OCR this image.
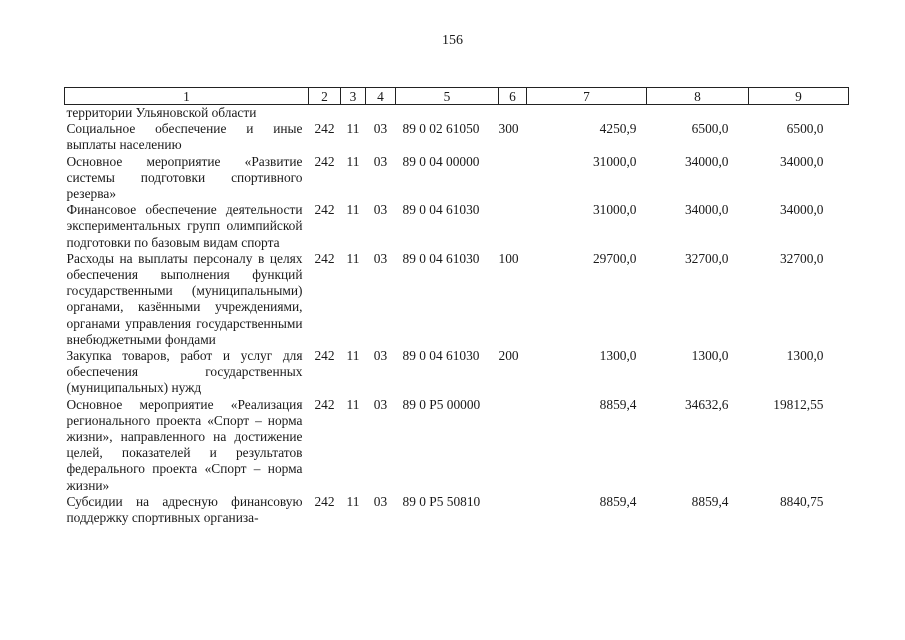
156
1	2	3	4	5	6	7	8	9
территории Ульяновской области								
Социальное обеспечение и иные выплаты населению	242	11	03	89 0 02 61050	300	4250,9	6500,0	6500,0
Основное мероприятие «Развитие системы подготовки спортивного резерва»	242	11	03	89 0 04 00000		31000,0	34000,0	34000,0
Финансовое обеспечение деятельности экспериментальных групп олимпийской подготовки по базовым видам спорта	242	11	03	89 0 04 61030		31000,0	34000,0	34000,0
Расходы на выплаты персоналу в целях обеспечения выполнения функций государственными (муниципальными) органами, казёнными учреждениями, органами управления государственными внебюджетными фондами	242	11	03	89 0 04 61030	100	29700,0	32700,0	32700,0
Закупка товаров, работ и услуг для обеспечения государственных (муниципальных) нужд	242	11	03	89 0 04 61030	200	1300,0	1300,0	1300,0
Основное мероприятие «Реализация регионального проекта «Спорт – норма жизни», направленного на достижение целей, показателей и результатов федерального проекта «Спорт – норма жизни»	242	11	03	89 0 P5 00000		8859,4	34632,6	19812,55
Субсидии на адресную финансовую поддержку спортивных организа-	242	11	03	89 0 P5 50810		8859,4	8859,4	8840,75
